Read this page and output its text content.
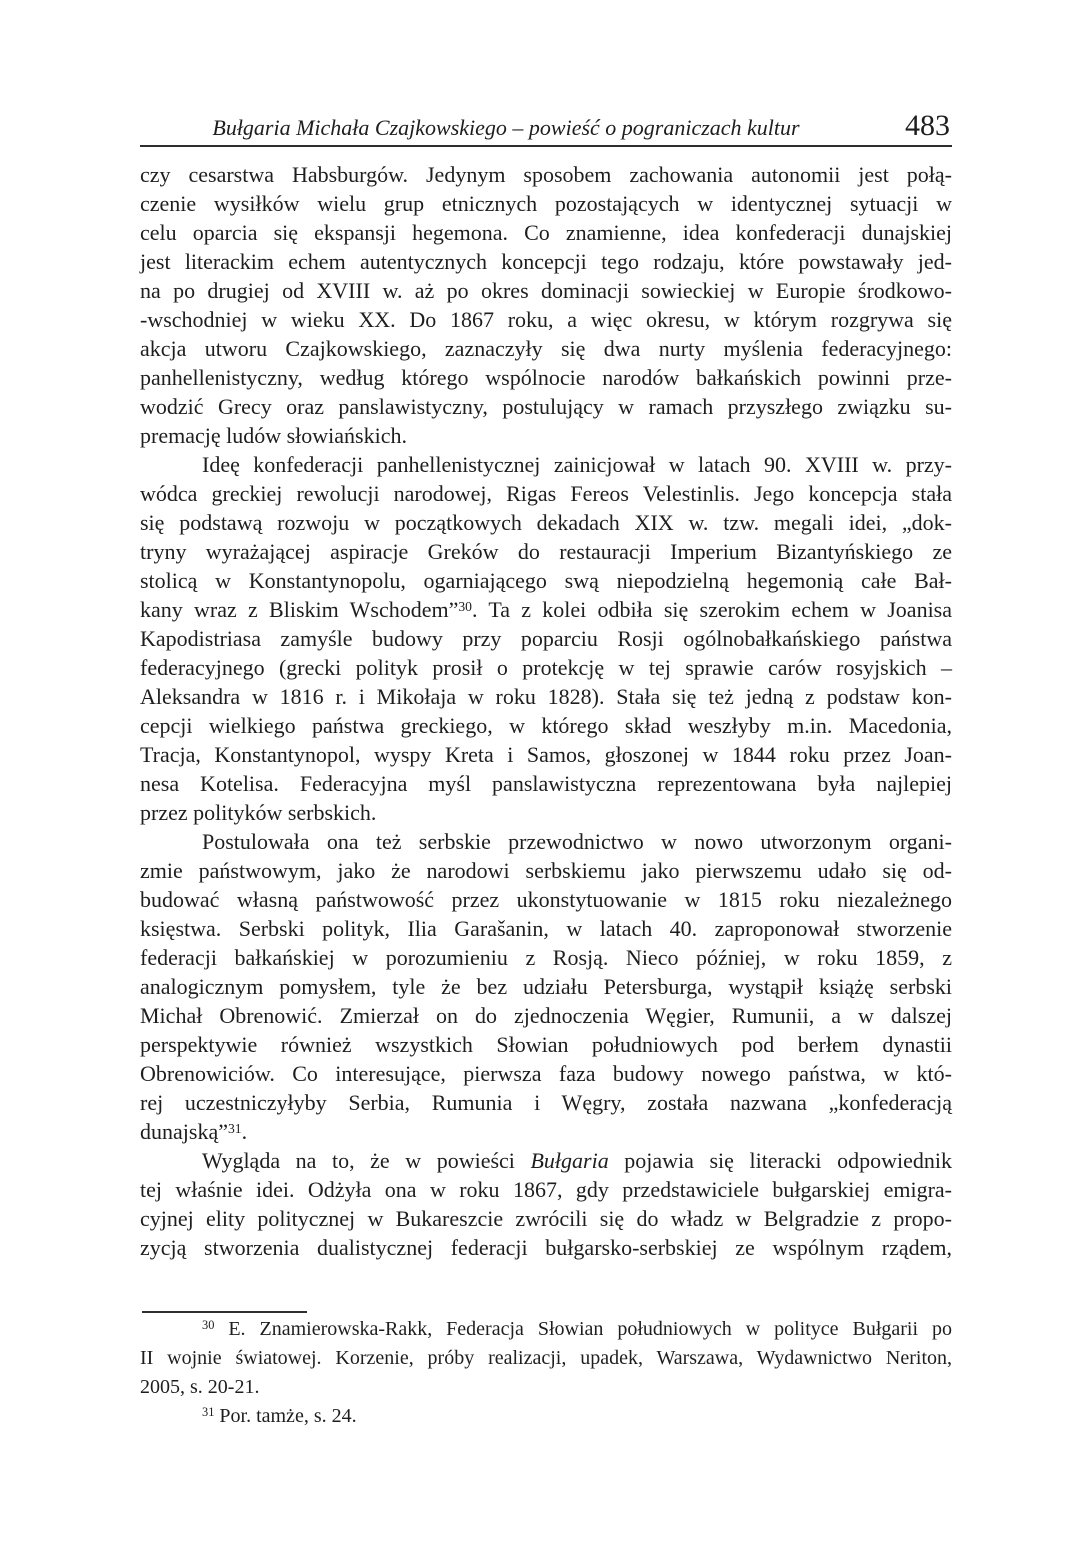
Bułgaria Michała Czajkowskiego – powieść o pograniczach kultur	483
czy cesarstwa Habsburgów. Jedynym sposobem zachowania autonomii jest połą-
czenie wysiłków wielu grup etnicznych pozostających w identycznej sytuacji w
celu oparcia się ekspansji hegemona. Co znamienne, idea konfederacji dunajskiej
jest literackim echem autentycznych koncepcji tego rodzaju, które powstawały jed-
na po drugiej od XVIII w. aż po okres dominacji sowieckiej w Europie środkowo-
-wschodniej w wieku XX. Do 1867 roku, a więc okresu, w którym rozgrywa się
akcja utworu Czajkowskiego, zaznaczyły się dwa nurty myślenia federacyjnego:
panhellenistyczny, według którego wspólnocie narodów bałkańskich powinni prze-
wodzić Grecy oraz panslawistyczny, postulujący w ramach przyszłego związku su-
premację ludów słowiańskich.
Ideę konfederacji panhellenistycznej zainicjował w latach 90. XVIII w. przy-
wódca greckiej rewolucji narodowej, Rigas Fereos Velestinlis. Jego koncepcja stała
się podstawą rozwoju w początkowych dekadach XIX w. tzw. megali idei, „dok-
tryny wyrażającej aspiracje Greków do restauracji Imperium Bizantyńskiego ze
stolicą w Konstantynopolu, ogarniającego swą niepodzielną hegemonią całe Bał-
kany wraz z Bliskim Wschodem”$^{30}$. Ta z kolei odbiła się szerokim echem w Joanisa
Kapodistriasa zamyśle budowy przy poparciu Rosji ogólnobałkańskiego państwa
federacyjnego (grecki polityk prosił o protekcję w tej sprawie carów rosyjskich –
Aleksandra w 1816 r. i Mikołaja w roku 1828). Stała się też jedną z podstaw kon-
cepcji wielkiego państwa greckiego, w którego skład weszłyby m.in. Macedonia,
Tracja, Konstantynopol, wyspy Kreta i Samos, głoszonej w 1844 roku przez Joan-
nesa Kotelisa. Federacyjna myśl panslawistyczna reprezentowana była najlepiej
przez polityków serbskich.
Postulowała ona też serbskie przewodnictwo w nowo utworzonym organi-
zmie państwowym, jako że narodowi serbskiemu jako pierwszemu udało się od-
budować własną państwowość przez ukonstytuowanie w 1815 roku niezależnego
księstwa. Serbski polityk, Ilia Garašanin, w latach 40. zaproponował stworzenie
federacji bałkańskiej w porozumieniu z Rosją. Nieco później, w roku 1859, z
analogicznym pomysłem, tyle że bez udziału Petersburga, wystąpił książę serbski
Michał Obrenowić. Zmierzał on do zjednoczenia Węgier, Rumunii, a w dalszej
perspektywie również wszystkich Słowian południowych pod berłem dynastii
Obrenowiciów. Co interesujące, pierwsza faza budowy nowego państwa, w któ-
rej uczestniczyłyby Serbia, Rumunia i Węgry, została nazwana „konfederacją
dunajską”$^{31}$.
Wygląda na to, że w powieści Bułgaria pojawia się literacki odpowiednik
tej właśnie idei. Odżyła ona w roku 1867, gdy przedstawiciele bułgarskiej emigra-
cyjnej elity politycznej w Bukareszcie zwrócili się do władz w Belgradzie z propo-
zycją stworzenia dualistycznej federacji bułgarsko-serbskiej ze wspólnym rządem,
$^{30}$ E. Znamierowska-Rakk, Federacja Słowian południowych w polityce Bułgarii po
II wojnie światowej. Korzenie, próby realizacji, upadek, Warszawa, Wydawnictwo Neriton,
2005, s. 20-21.
$^{31}$ Por. tamże, s. 24.
